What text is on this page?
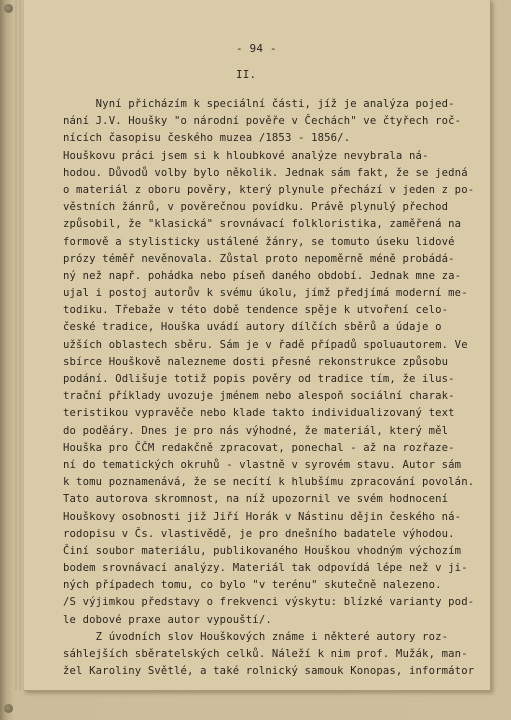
- 94 -
II.
Nyní přicházím k speciální části, jíž je analýza pojed-
nání J.V. Houšky "o národní pověře v Čechách" ve čtyřech roč-
nících časopisu českého muzea /1853 - 1856/.
Houškovu práci jsem si k hloubkové analýze nevybrala ná-
hodou. Důvodů volby bylo několik. Jednak sám fakt, že se jedná
o materiál z oboru pověry, který plynule přechází v jeden z po-
věstních žánrů, v pověrečnou povídku. Právě plynulý přechod
způsobil, že "klasická" srovnávací folkloristika, zaměřená na
formově a stylisticky ustálené žánry, se tomuto úseku lidové
prózy téměř nevěnovala. Zůstal proto nepoměrně méně probádá-
ný než např. pohádka nebo píseň daného období. Jednak mne za-
ujal i postoj autorův k svému úkolu, jímž předjímá moderní me-
todiku. Třebaže v této době tendence spěje k utvoření celo-
české tradice, Houška uvádí autory dílčích sběrů a údaje o
užších oblastech sběru. Sám je v řadě případů spoluautorem. Ve
sbírce Houškově nalezneme dosti přesné rekonstrukce způsobu
podání. Odlišuje totiž popis pověry od tradice tím, že ilus-
trační příklady uvozuje jménem nebo alespoň sociální charak-
teristikou vypravěče nebo klade takto individualizovaný text
do poděáry. Dnes je pro nás výhodné, že materiál, který měl
Houška pro ČČM redakčně zpracovat, ponechal - až na rozřaze-
ní do tematických okruhů - vlastně v syrovém stavu. Autor sám
k tomu poznamenává, že se necítí k hlubšímu zpracování povolán.
Tato autorova skromnost, na níž upozornil ve svém hodnocení
Houškovy osobnosti již Jiří Horák v Nástinu dějin českého ná-
rodopisu v Čs. vlastivědě, je pro dnešního badatele výhodou.
Činí soubor materiálu, publikovaného Houškou vhodným výchozím
bodem srovnávací analýzy. Materiál tak odpovídá lépe než v ji-
ných případech tomu, co bylo "v terénu" skutečně nalezeno.
/S výjimkou představy o frekvenci výskytu: blízké varianty pod-
le dobové praxe autor vypouští/.
Z úvodních slov Houškových známe i některé autory roz-
sáhlejších sběratelských celků. Náleží k nim prof. Mužák, man-
žel Karoliny Světlé, a také rolnický samouk Konopas, informátor
